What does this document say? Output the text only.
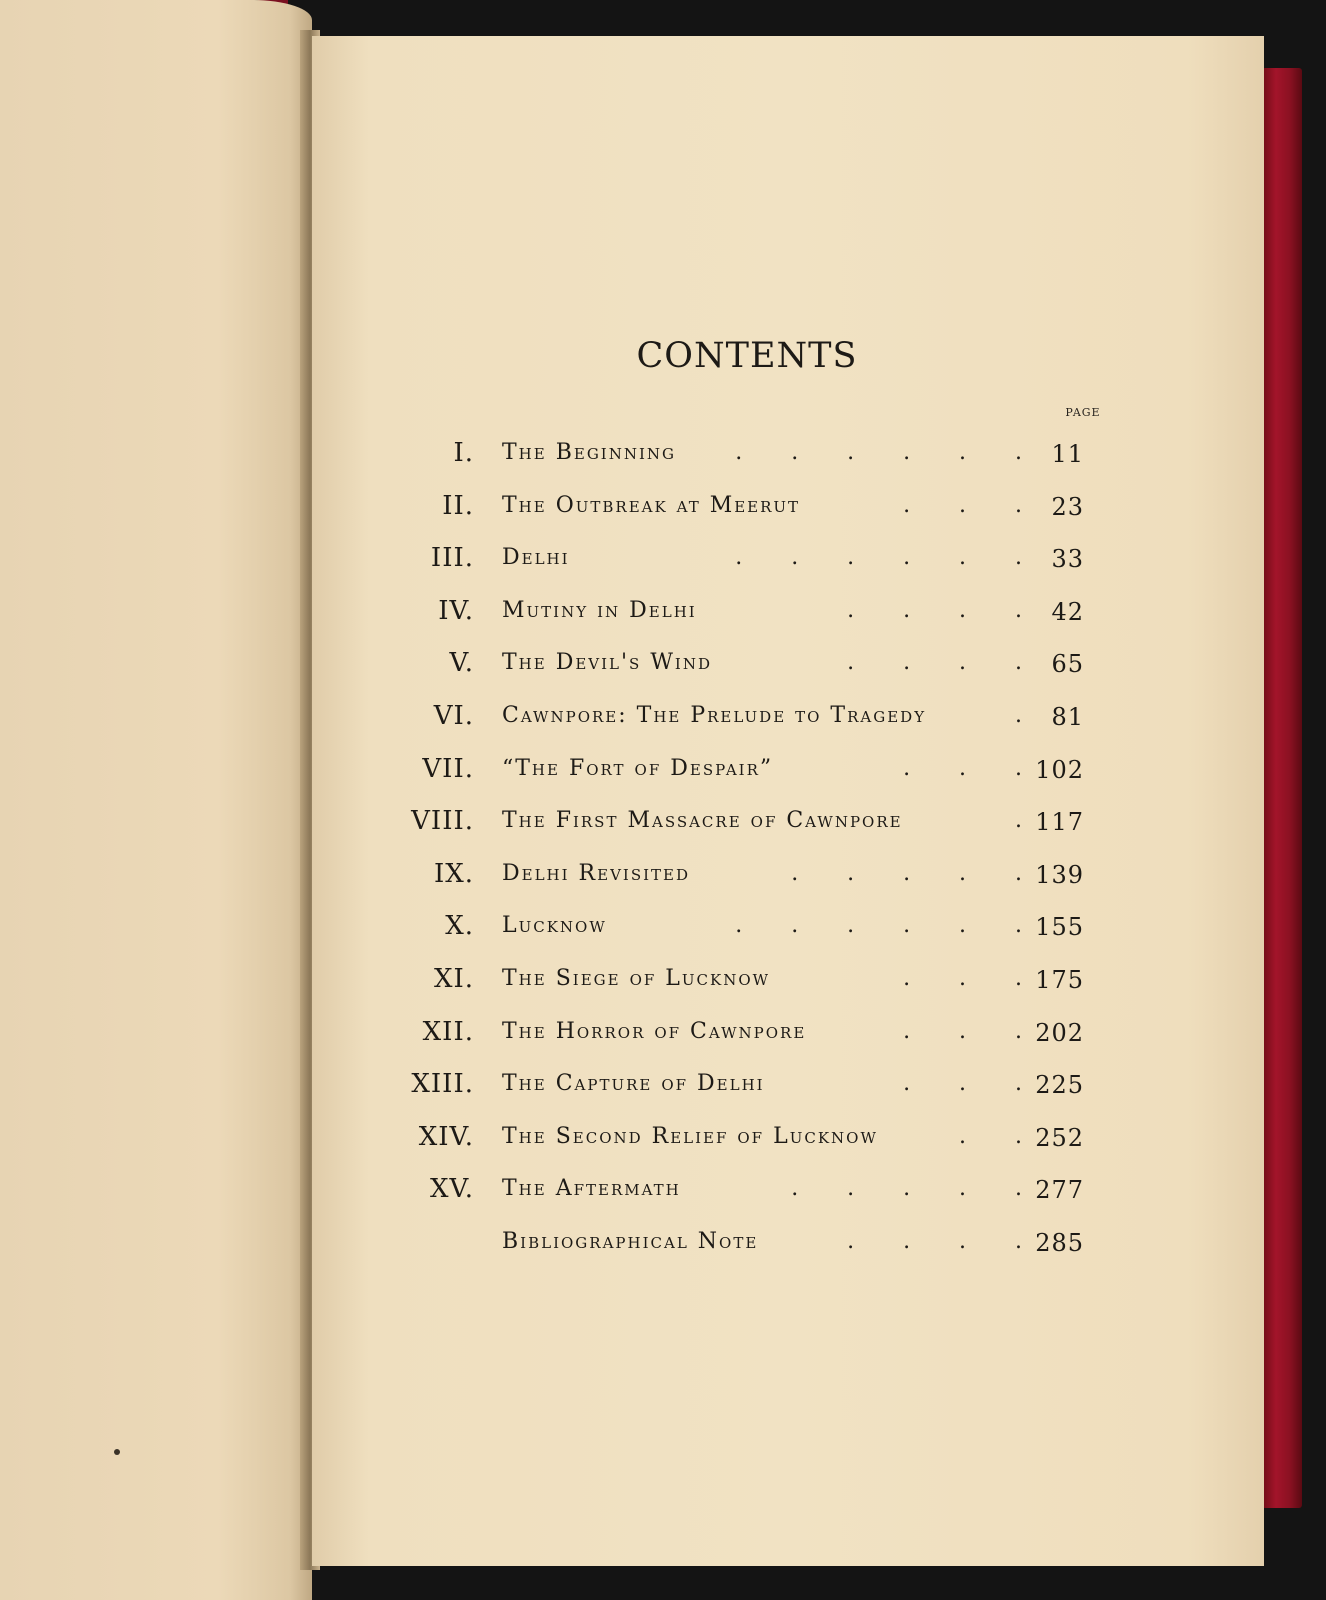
CONTENTS
PAGE
I. The Beginning	.       .       .       .       .       .	11
II. The Outbreak at Meerut	.       .       .	23
III. Delhi	.       .       .       .       .       .	33
IV. Mutiny in Delhi	.       .       .       .	42
V. The Devil's Wind	.       .       .       .	65
VI. Cawnpore: The Prelude to Tragedy	.	81
VII. “The Fort of Despair”	.       .       . 102
VIII. The First Massacre of Cawnpore	. 117
IX. Delhi Revisited	.       .       .       .       . 139
X. Lucknow	.       .       .       .       .       . 155
XI. The Siege of Lucknow	.       .       . 175
XII. The Horror of Cawnpore	.       .       . 202
XIII. The Capture of Delhi	.       .       . 225
XIV. The Second Relief of Lucknow	.       . 252
XV. The Aftermath	.       .       .       .       . 277
Bibliographical Note	.       .       .       . 285
